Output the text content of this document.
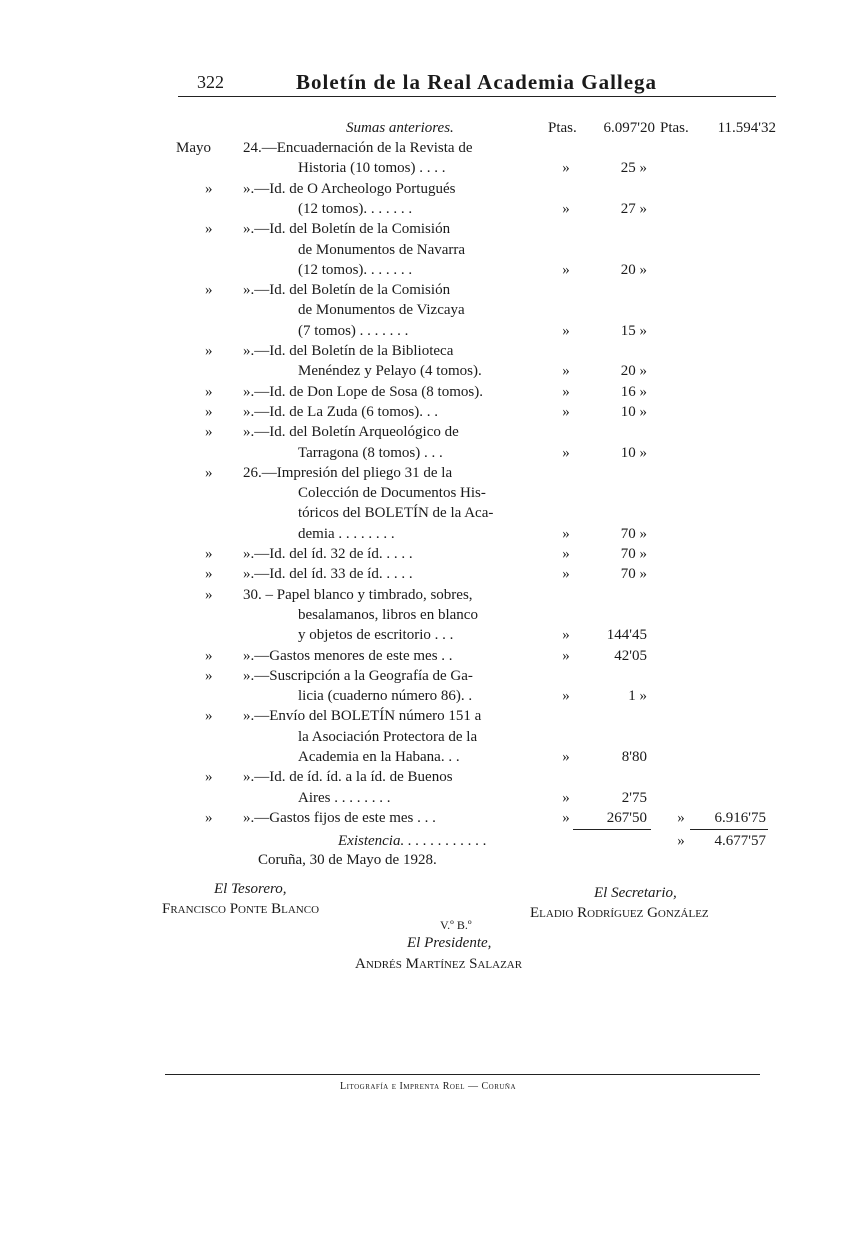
322	Boletín de la Real Academia Gallega
Sumas anteriores.	Ptas.	6.097'20 Ptas.	11.594'32
Mayo 24.—Encuadernación de la Revista de
Historia (10 tomos) . . . .	»	25 »
»	».—Id. de O Archeologo Portugués
(12 tomos). . . . . . .	»	27 »
»	».—Id. del Boletín de la Comisión
de Monumentos de Navarra
(12 tomos). . . . . . .	»	20 »
»	».—Id. del Boletín de la Comisión
de Monumentos de Vizcaya
(7 tomos) . . . . . . .	»	15 »
»	».—Id. del Boletín de la Biblioteca
Menéndez y Pelayo (4 tomos).	»	20 »
»	».—Id. de Don Lope de Sosa (8 tomos).	»	16 »
»	».—Id. de La Zuda (6 tomos). . .	»	10 »
»	».—Id. del Boletín Arqueológico de
Tarragona (8 tomos) . . .	»	10 »
»	26.—Impresión del pliego 31 de la
Colección de Documentos His-
tóricos del BOLETÍN de la Aca-
demia . . . . . . . .	»	70 »
»	».—Id. del íd. 32 de íd. . . . .	»	70 »
»	».—Id. del íd. 33 de íd. . . . .	»	70 »
»	30. – Papel blanco y timbrado, sobres,
besalamanos, libros en blanco
y objetos de escritorio . . .	»	144'45
»	».—Gastos menores de este mes . .	»	42'05
»	».—Suscripción a la Geografía de Ga-
licia (cuaderno número 86). .	»	1 »
»	».—Envío del BOLETÍN número 151 a
la Asociación Protectora de la
Academia en la Habana. . .	»	8'80
»	».—Id. de íd. íd. a la íd. de Buenos
Aires . . . . . . . .	»	2'75
»	».—Gastos fijos de este mes . . .	»	267'50 »	6.916'75
Existencia. . . . . . . . . . . .	»	4.677'57
Coruña, 30 de Mayo de 1928.
El Tesorero,
Francisco Ponte Blanco
El Secretario,
Eladio Rodríguez González
V.º B.º
El Presidente,
Andrés Martínez Salazar
Litografía e Imprenta Roel — Coruña
